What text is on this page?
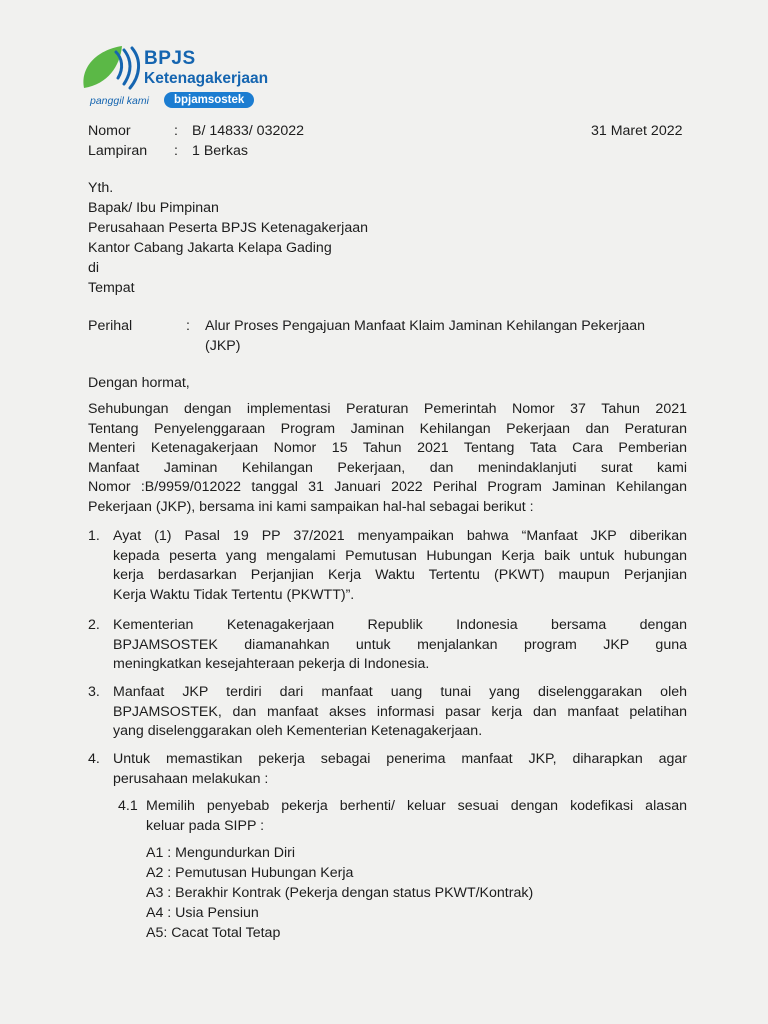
BPJS
Ketenagakerjaan
panggil kami	bpjamsostek
Nomor	: B/ 14833/ 032022	31 Maret 2022
Lampiran : 1 Berkas
Yth.
Bapak/ Ibu Pimpinan
Perusahaan Peserta BPJS Ketenagakerjaan
Kantor Cabang Jakarta Kelapa Gading
di
Tempat
Perihal	: Alur Proses Pengajuan Manfaat Klaim Jaminan Kehilangan Pekerjaan
(JKP)
Dengan hormat,
Sehubungan dengan implementasi Peraturan Pemerintah Nomor 37 Tahun 2021
Tentang Penyelenggaraan Program Jaminan Kehilangan Pekerjaan dan Peraturan
Menteri Ketenagakerjaan Nomor 15 Tahun 2021 Tentang Tata Cara Pemberian
Manfaat Jaminan Kehilangan Pekerjaan, dan menindaklanjuti surat kami
Nomor :B/9959/012022 tanggal 31 Januari 2022 Perihal Program Jaminan Kehilangan
Pekerjaan (JKP), bersama ini kami sampaikan hal-hal sebagai berikut :
1. Ayat (1) Pasal 19 PP 37/2021 menyampaikan bahwa “Manfaat JKP diberikan
kepada peserta yang mengalami Pemutusan Hubungan Kerja baik untuk hubungan
kerja berdasarkan Perjanjian Kerja Waktu Tertentu (PKWT) maupun Perjanjian
Kerja Waktu Tidak Tertentu (PKWTT)”.
2. Kementerian Ketenagakerjaan Republik Indonesia bersama dengan
BPJAMSOSTEK diamanahkan untuk menjalankan program JKP guna
meningkatkan kesejahteraan pekerja di Indonesia.
3. Manfaat JKP terdiri dari manfaat uang tunai yang diselenggarakan oleh
BPJAMSOSTEK, dan manfaat akses informasi pasar kerja dan manfaat pelatihan
yang diselenggarakan oleh Kementerian Ketenagakerjaan.
4. Untuk memastikan pekerja sebagai penerima manfaat JKP, diharapkan agar
perusahaan melakukan :
4.1 Memilih penyebab pekerja berhenti/ keluar sesuai dengan kodefikasi alasan
keluar pada SIPP :
A1 : Mengundurkan Diri
A2 : Pemutusan Hubungan Kerja
A3 : Berakhir Kontrak (Pekerja dengan status PKWT/Kontrak)
A4 : Usia Pensiun
A5: Cacat Total Tetap
